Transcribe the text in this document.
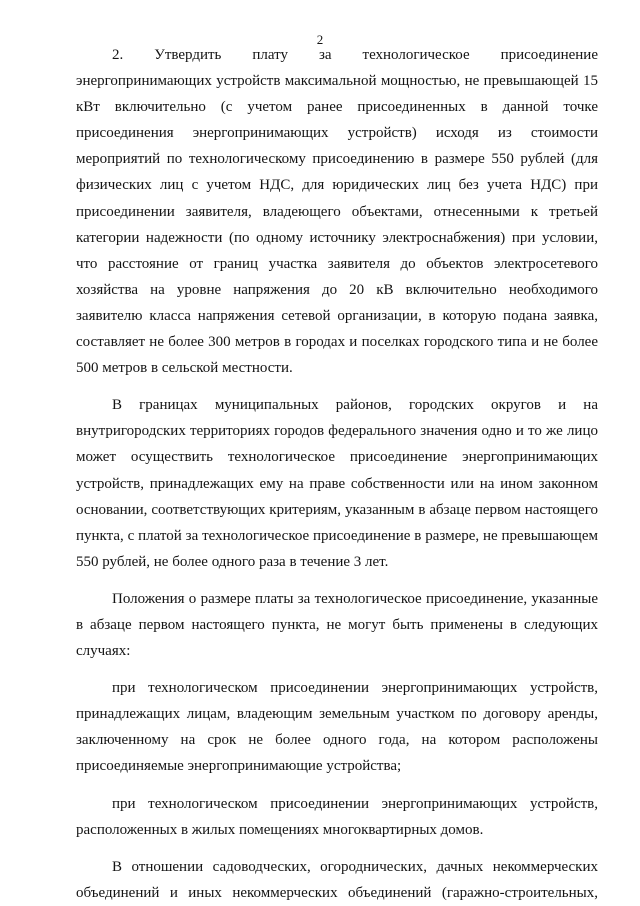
2

2. Утвердить плату за технологическое присоединение
энергопринимающих устройств максимальной мощностью, не превышающей 15
кВт включительно (с учетом ранее присоединенных в данной точке
присоединения энергопринимающих устройств) исходя из стоимости
мероприятий по технологическому присоединению в размере 550 рублей (для
физических лиц с учетом НДС, для юридических лиц без учета НДС) при
присоединении заявителя, владеющего объектами, отнесенными к третьей
категории надежности (по одному источнику электроснабжения) при условии,
что расстояние от границ участка заявителя до объектов электросетевого
хозяйства на уровне напряжения до 20 кВ включительно необходимого
заявителю класса напряжения сетевой организации, в которую подана заявка,
составляет не более 300 метров в городах и поселках городского типа и не более
500 метров в сельской местности.

В границах муниципальных районов, городских округов и на
внутригородских территориях городов федерального значения одно и то же лицо
может осуществить технологическое присоединение энергопринимающих
устройств, принадлежащих ему на праве собственности или на ином законном
основании, соответствующих критериям, указанным в абзаце первом настоящего
пункта, с платой за технологическое присоединение в размере, не превышающем
550 рублей, не более одного раза в течение 3 лет.

Положения о размере платы за технологическое присоединение, указанные
в абзаце первом настоящего пункта, не могут быть применены в следующих
случаях:

при технологическом присоединении энергопринимающих устройств,
принадлежащих лицам, владеющим земельным участком по договору аренды,
заключенному на срок не более одного года, на котором расположены
присоединяемые энергопринимающие устройства;

при технологическом присоединении энергопринимающих устройств,
расположенных в жилых помещениях многоквартирных домов.

В отношении садоводческих, огороднических, дачных некоммерческих
объединений и иных некоммерческих объединений (гаражно-строительных,
